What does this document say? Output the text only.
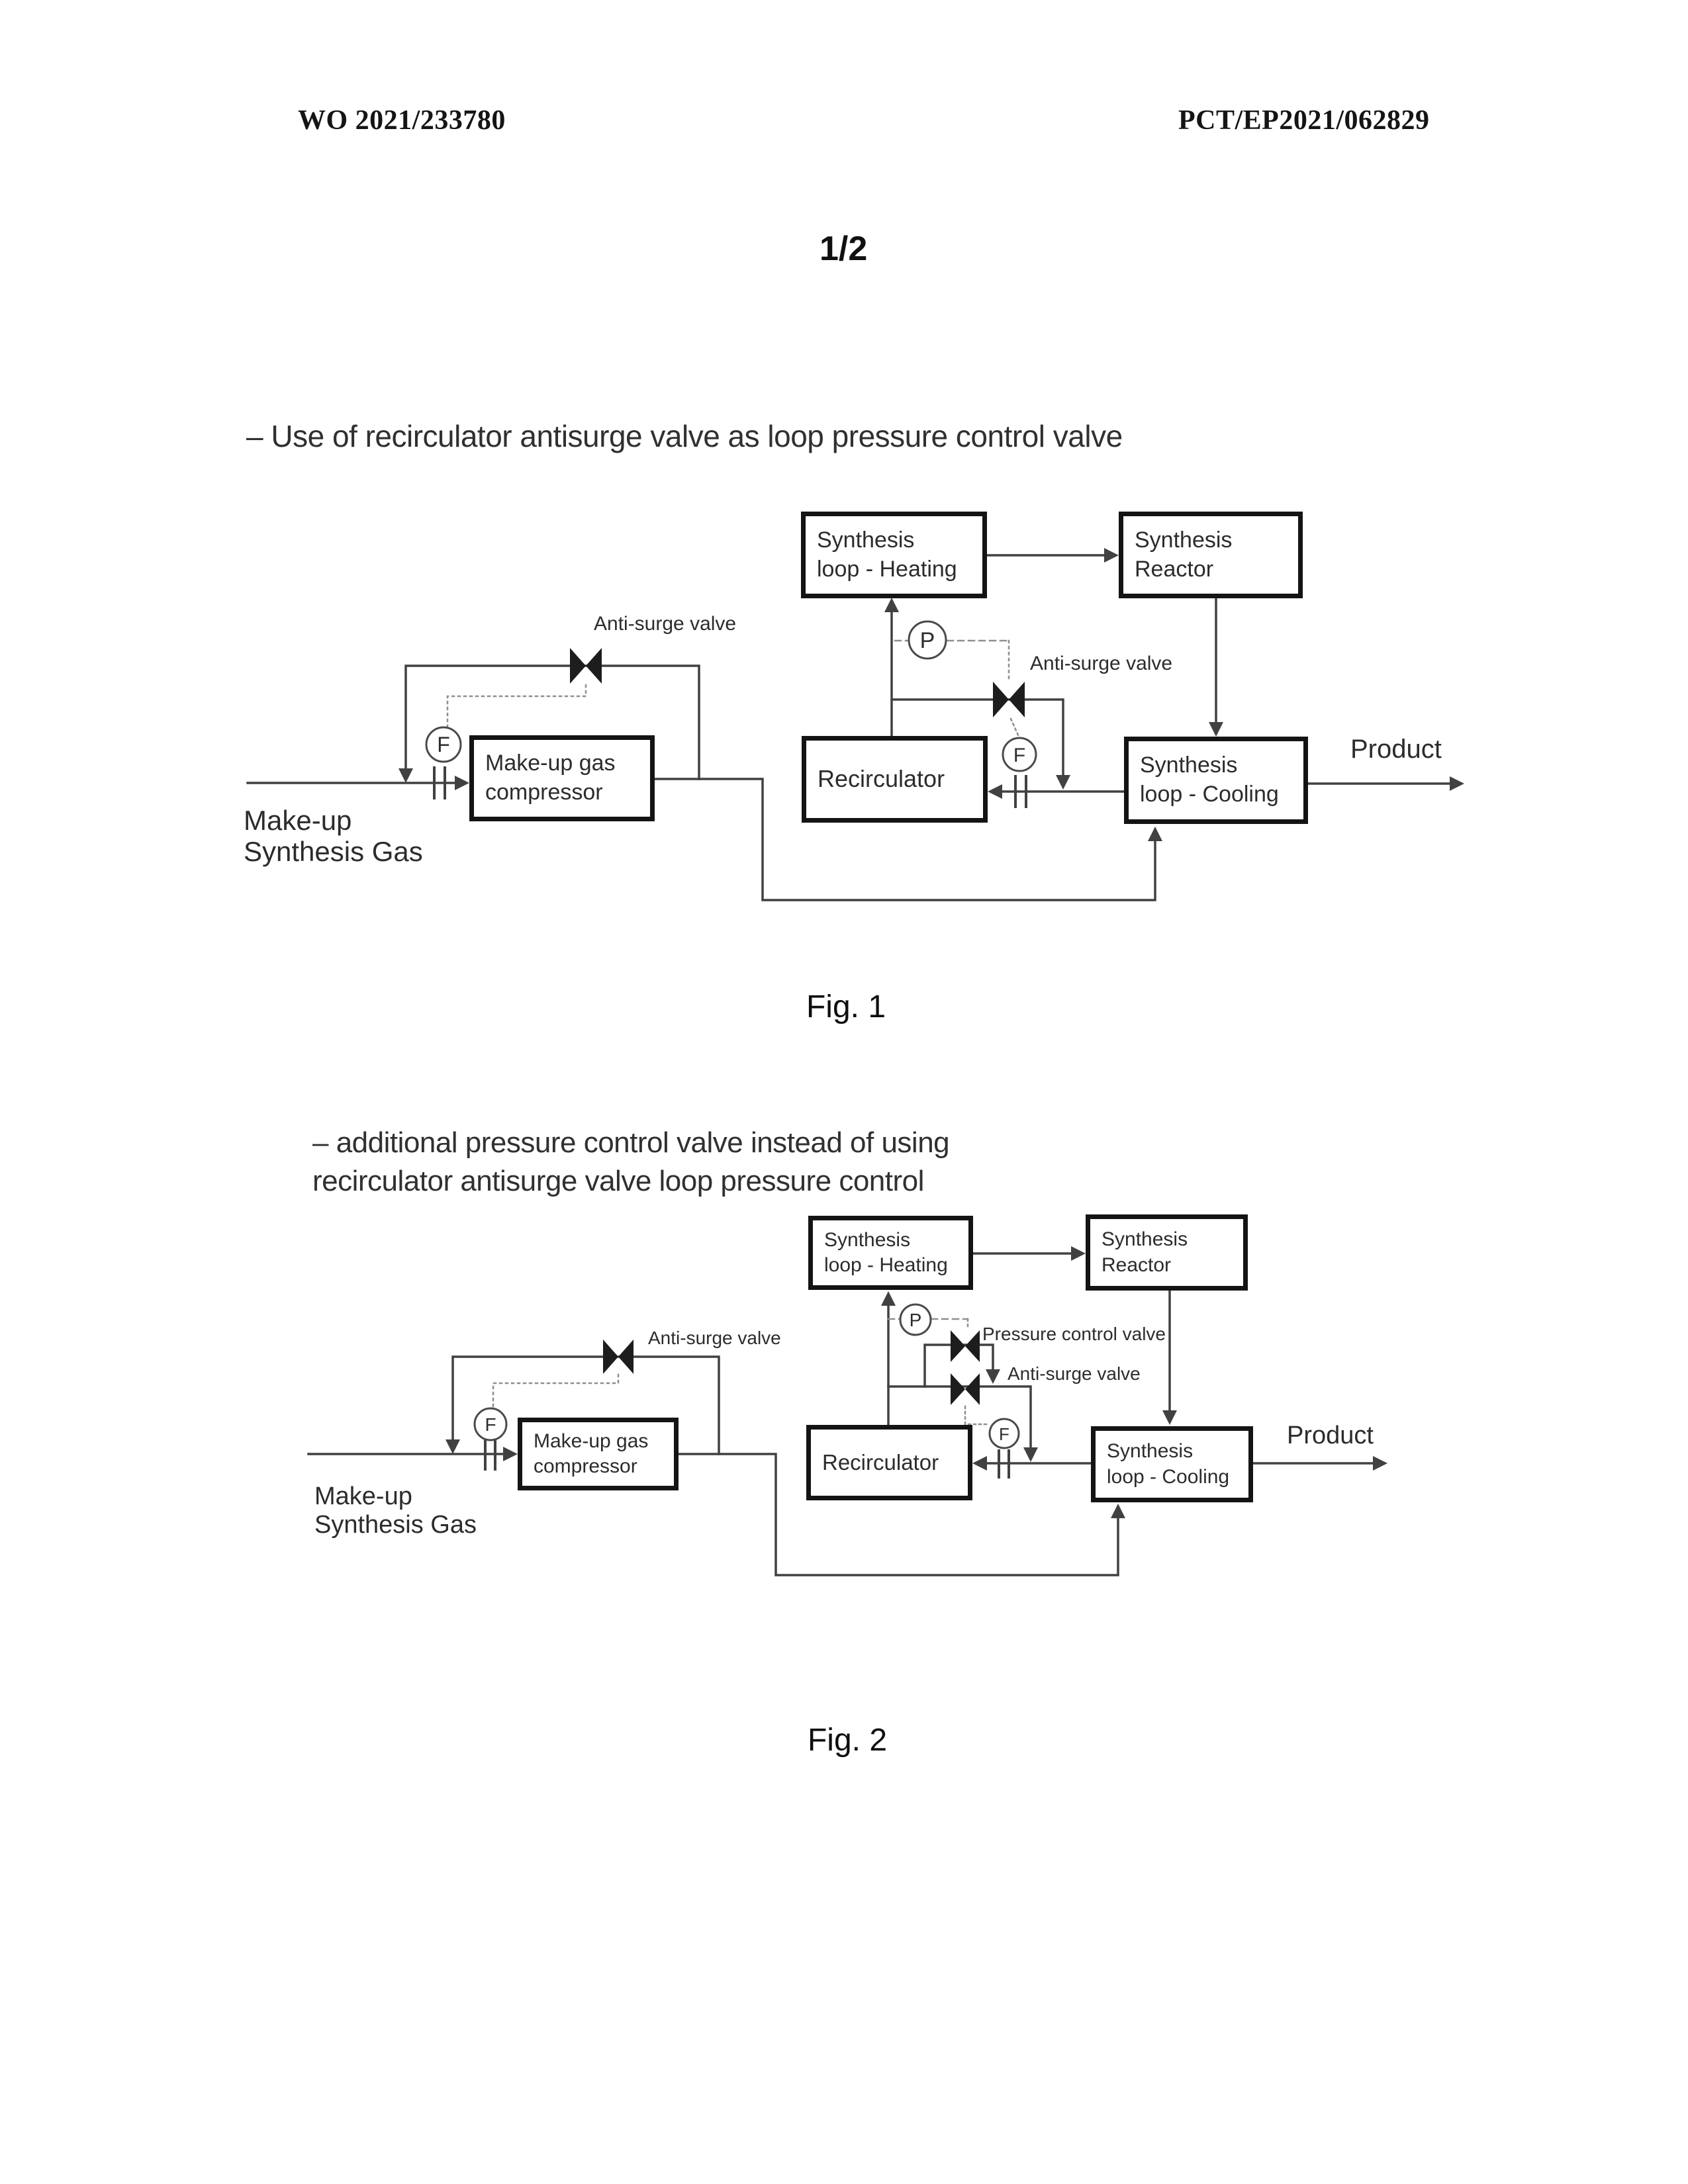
WO 2021/233780	PCT/EP2021/062829
1/2
– Use of recirculator antisurge valve as loop pressure control valve
– additional pressure control valve instead of using
recirculator antisurge valve loop pressure control
F
P
F
F
P
F
Synthesis
loop - Heating
Synthesis
Reactor
Make-up gas
compressor	Recirculator	Synthesis
loop - Cooling
Anti-surge valve
Anti-surge valve
Make-up
Synthesis Gas
Product
Fig. 1
Synthesis
loop - Heating
Synthesis
Reactor
Make-up gas
compressor	Recirculator	Synthesis
loop - Cooling
Anti-surge valve	Pressure control valve
Anti-surge valve
Make-up
Synthesis Gas
Product
Fig. 2
